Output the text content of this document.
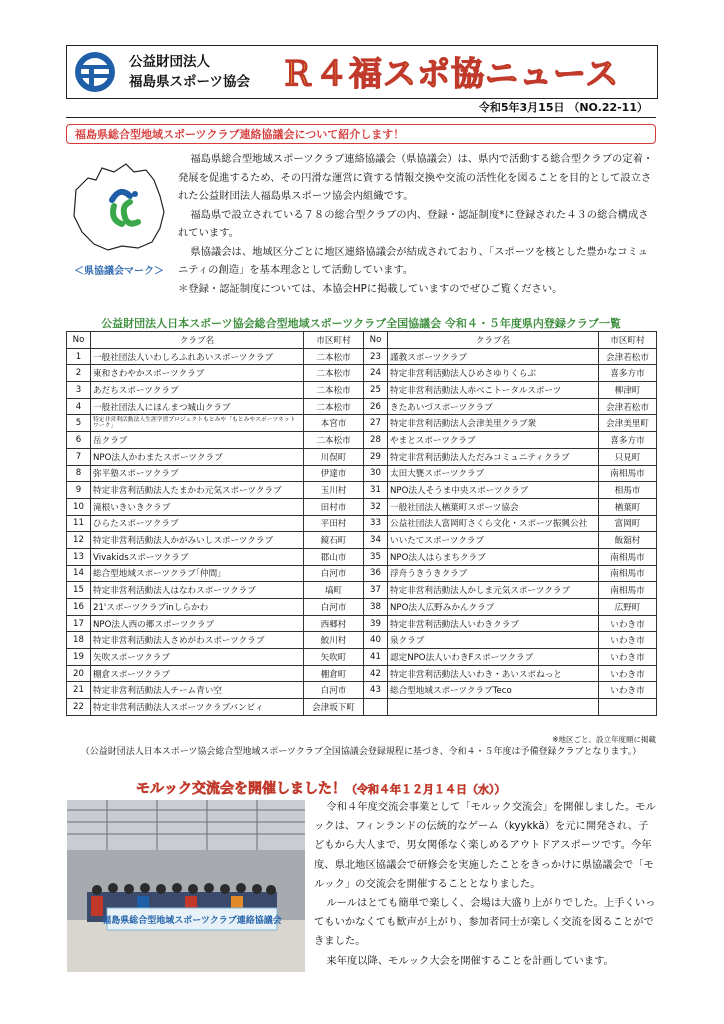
公益財団法人
福島県スポーツ協会 Ｒ４福スポ協ニュース
令和5年3月15日 （NO.22-11）
福島県総合型地域スポーツクラブ連絡協議会について紹介します！
＜県協議会マーク＞

福島県総合型地域スポーツクラブ連絡協議会（県協議会）は、県内で活動する総合型クラブの定着・発展を促進するため、その円滑な運営に資する情報交換や交流の活性化を図ることを目的として設立された公益財団法人福島県スポーツ協会内組織です。

福島県で設立されている７８の総合型クラブの内、登録・認証制度*に登録された４３の総合構成されています。

県協議会は、地域区分ごとに地区連絡協議会が結成されており、「スポーツを核とした豊かなコミュニティの創造」を基本理念として活動しています。

＊登録・認証制度については、本協会HPに掲載していますのでぜひご覧ください。

公益財団法人日本スポーツ協会総合型地域スポーツクラブ全国協議会 令和４・５年度県内登録クラブ一覧
No	クラブ名	市区町村	No	クラブ名	市区町村
1	一般社団法人いわしろふれあいスポーツクラブ	二本松市	23	謹教スポーツクラブ	会津若松市
2	東和さわやかスポーツクラブ	二本松市	24	特定非営利活動法人ひめさゆりくらぶ	喜多方市
3	あだちスポーツクラブ	二本松市	25	特定非営利活動法人赤べこトータルスポーツ	柳津町
4	一般社団法人にほんまつ城山クラブ	二本松市	26	きたあいづスポーツクラブ	会津若松市
5	特定非営利活動法人生涯学習プロジェクトもとみや「もとみやスポーツネットワーク」	本宮市	27	特定非営利活動法人会津美里クラブ衆	会津美里町
6	岳クラブ	二本松市	28	やまとスポーツクラブ	喜多方市
7	NPO法人かわまたスポーツクラブ	川俣町	29	特定非営利活動法人ただみコミュニティクラブ	只見町
8	弥平塾スポーツクラブ	伊達市	30	太田大甕スポーツクラブ	南相馬市
9	特定非営利活動法人たまかわ元気スポーツクラブ	玉川村	31	NPO法人そうま中央スポーツクラブ	相馬市
10	滝根いきいきクラブ	田村市	32	一般社団法人楢葉町スポーツ協会	楢葉町
11	ひらたスポーツクラブ	平田村	33	公益社団法人富岡町さくら文化・スポーツ振興公社	富岡町
12	特定非営利活動法人かがみいしスポーツクラブ	鏡石町	34	いいたてスポーツクラブ	飯舘村
13	Vivakidsスポーツクラブ	郡山市	35	NPO法人はらまちクラブ	南相馬市
14	総合型地域スポーツクラブ｢仲間｣	白河市	36	浮舟うきうきクラブ	南相馬市
15	特定非営利活動法人はなわスポーツクラブ	塙町	37	特定非営利活動法人かしま元気スポーツクラブ	南相馬市
16	21'スポーツクラブinしらかわ	白河市	38	NPO法人広野みかんクラブ	広野町
17	NPO法人西の郷スポーツクラブ	西郷村	39	特定非営利活動法人いわきクラブ	いわき市
18	特定非営利活動法人さめがわスポーツクラブ	鮫川村	40	泉クラブ	いわき市
19	矢吹スポーツクラブ	矢吹町	41	認定NPO法人いわきFスポーツクラブ	いわき市
20	棚倉スポーツクラブ	棚倉町	42	特定非営利活動法人いわき・あいスポねっと	いわき市
21	特定非営利活動法人チーム青い空	白河市	43	総合型地域スポーツクラブTeco	いわき市
22	特定非営利活動法人スポーツクラブバンビィ	会津坂下町			
※地区ごと、設立年度順に掲載
（公益財団法人日本スポーツ協会総合型地域スポーツクラブ全国協議会登録規程に基づき、令和４・５年度は予備登録クラブとなります。）
モルック交流会を開催しました！（令和４年１２月１４日（水））
福島県総合型地域スポーツクラブ連絡協議会

令和４年度交流会事業として「モルック交流会」を開催しました。モルックは、フィンランドの伝統的なゲーム（kyykkä）を元に開発され、子どもから大人まで、男女関係なく楽しめるアウトドアスポーツです。今年度、県北地区協議会で研修会を実施したことをきっかけに県協議会で「モルック」の交流会を開催することとなりました。

ルールはとても簡単で楽しく、会場は大盛り上がりでした。上手くいってもいかなくても歓声が上がり、参加者同士が楽しく交流を図ることができました。

来年度以降、モルック大会を開催することを計画しています。
